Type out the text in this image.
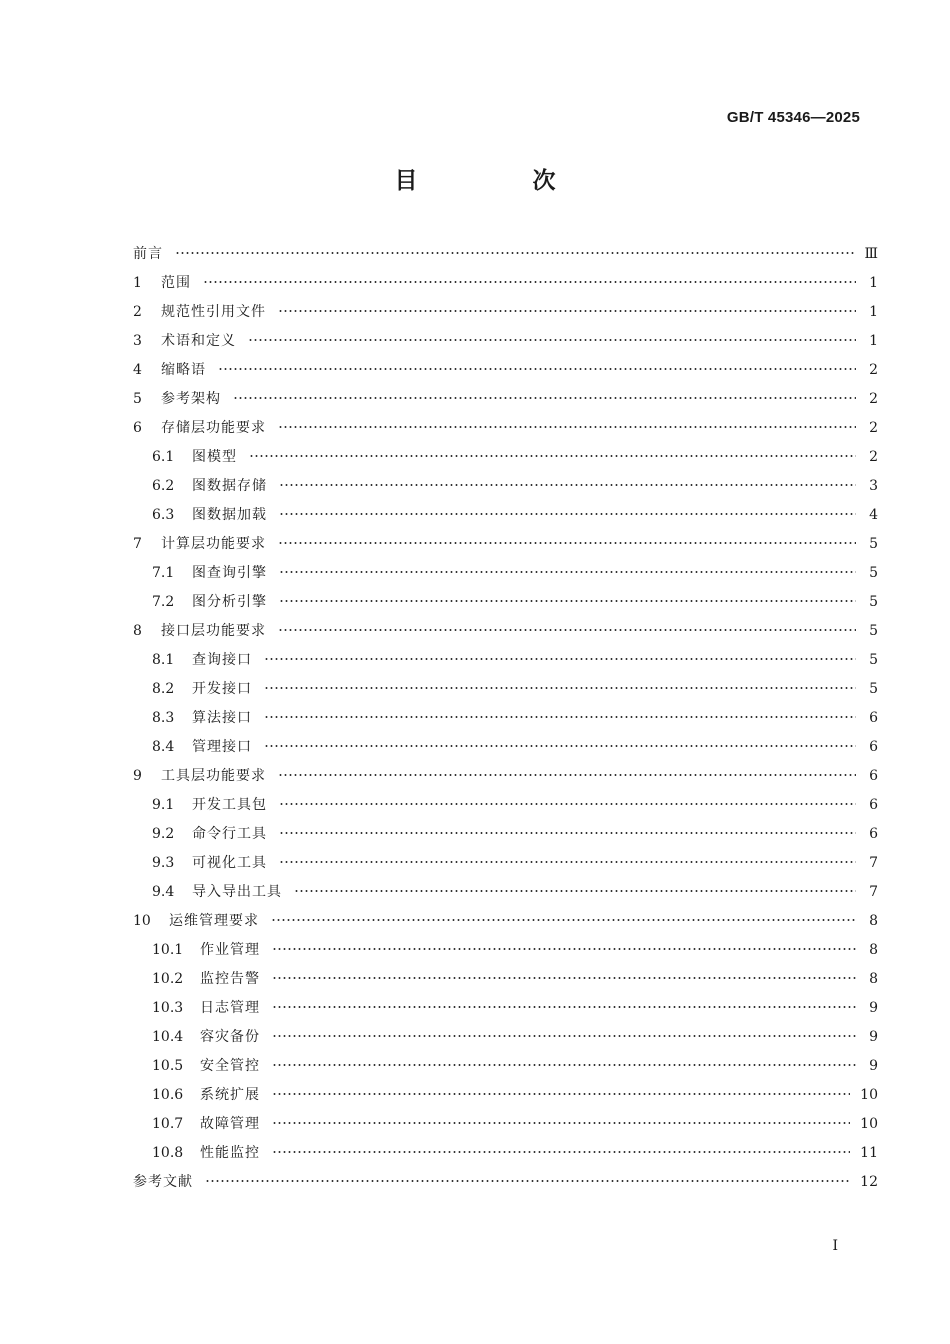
GB/T 45346—2025
目　次
前言	Ⅲ
1	范围	1
2	规范性引用文件	1
3	术语和定义	1
4	缩略语	2
5	参考架构	2
6	存储层功能要求	2
6.1	图模型	2
6.2	图数据存储	3
6.3	图数据加载	4
7	计算层功能要求	5
7.1	图查询引擎	5
7.2	图分析引擎	5
8	接口层功能要求	5
8.1	查询接口	5
8.2	开发接口	5
8.3	算法接口	6
8.4	管理接口	6
9	工具层功能要求	6
9.1	开发工具包	6
9.2	命令行工具	6
9.3	可视化工具	7
9.4	导入导出工具	7
10	运维管理要求	8
10.1	作业管理	8
10.2	监控告警	8
10.3	日志管理	9
10.4	容灾备份	9
10.5	安全管控	9
10.6	系统扩展	10
10.7	故障管理	10
10.8	性能监控	11
参考文献	12
Ⅰ
